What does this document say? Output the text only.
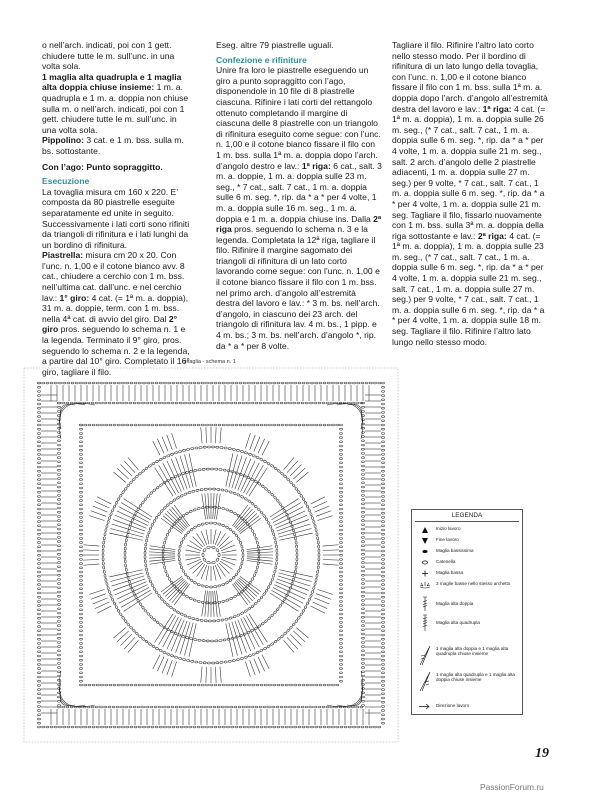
o nell’arch. indicati, poi con 1 gett. chiudere tutte le m. sull’unc. in una volta sola.

1 maglia alta quadrupla e 1 maglia alta doppia chiuse insieme: 1 m. a. quadrupla e 1 m. a. doppia non chiuse sulla m. o nell’arch. indicati, poi con 1 gett. chiudere tutte le m. sull’unc. in una volta sola.

Pippolino: 3 cat. e 1 m. bss. sulla m. bs. sottostante.

Con l’ago: Punto sopraggitto.

Esecuzione

La tovaglia misura cm 160 x 220. E’ composta da 80 piastrelle eseguite separatamente ed unite in seguito. Successivamente i lati corti sono rifiniti da triangoli di rifinitura e i lati lunghi da un bordino di rifinitura.

Piastrella: misura cm 20 x 20. Con l’unc. n. 1,00 e il cotone bianco avv. 8 cat., chiudere a cerchio con 1 m. bss. nell’ultima cat. dall’unc. e nel cerchio lav.: 1° giro: 4 cat. (= 1ª m. a. doppia), 31 m. a. doppie, term. con 1 m. bss. nella 4ª cat. di avvio del giro. Dal 2° giro pros. seguendo lo schema n. 1 e la legenda. Terminato il 9° giro, pros. seguendo lo schema n. 2 e la legenda, a partire dal 10° giro. Completato il 16° giro, tagliare il filo.

Eseg. altre 79 piastrelle uguali.

Confezione e rifiniture

Unire fra loro le piastrelle eseguendo un giro a punto sopraggitto con l’ago, disponendole in 10 file di 8 piastrelle ciascuna. Rifinire i lati corti del rettangolo ottenuto completando il margine di ciascuna delle 8 piastrelle con un triangolo di rifinitura eseguito come segue: con l’unc. n. 1,00 e il cotone bianco fissare il filo con 1 m. bss. sulla 1ª m. a. doppia dopo l’arch. d’angolo destro e lav.: 1ª riga: 6 cat., salt. 3 m. a. doppie, 1 m. a. doppia sulle 23 m. seg., * 7 cat., salt. 7 cat., 1 m. a. doppia sulle 6 m. seg. *, rip. da * a * per 4 volte, 1 m. a. doppia sulle 16 m. seg., 1 m. a. doppia e 1 m. a. doppia chiuse ins. Dalla 2ª riga pros. seguendo lo schema n. 3 e la legenda. Completata la 12ª riga, tagliare il filo. Rifinire il margine sagomato dei triangoli di rifinitura di un lato corto lavorando come segue: con l’unc. n. 1,00 e il cotone bianco fissare il filo con 1 m. bss. nel primo arch. d’angolo all’estremità destra del lavoro e lav.: * 3 m. bs. nell’arch. d’angolo, in ciascuno dei 23 arch. del triangolo di rifinitura lav. 4 m. bs., 1 pipp. e 4 m. bs.; 3 m. bs. nell’arch. d’angolo *, rip. da * a * per 8 volte.

Tagliare il filo. Rifinire l’altro lato corto nello stesso modo. Per il bordino di rifinitura di un lato lungo della tovaglia, con l’unc. n. 1,00 e il cotone bianco fissare il filo con 1 m. bss. sulla 1ª m. a. doppia dopo l’arch. d’angolo all’estremità destra del lavoro e lav.: 1ª riga: 4 cat. (= 1ª m. a. doppia), 1 m. a. doppia sulle 26 m. seg., (* 7 cat., salt. 7 cat., 1 m. a. doppia sulle 6 m. seg. *, rip. da * a * per 4 volte, 1 m. a. doppia sulle 21 m. seg., salt. 2 arch. d’angolo delle 2 piastrelle adiacenti, 1 m. a. doppia sulle 27 m. seg.) per 9 volte, * 7 cat., salt. 7 cat., 1 m. a. doppia sulle 6 m. seg. *, rip. da * a * per 4 volte, 1 m. a. doppia sulle 21 m. seg. Tagliare il filo, fissarlo nuovamente con 1 m. bss. sulla 3ª m. a. doppia della riga sottostante e lav.: 2ª riga: 4 cat. (= 1ª m. a. doppia), 1 m. a. doppia sulle 23 m. seg., (* 7 cat., salt. 7 cat., 1 m. a. doppia sulle 6 m. seg. *, rip. da * a * per 4 volte, 1 m. a. doppia sulle 21 m. seg., salt. 7 cat., 1 m. a. doppia sulle 27 m. seg.) per 9 volte, * 7 cat., salt. 7 cat., 1 m. a. doppia sulle 6 m. seg. *, rip. da * a * per 4 volte, 1 m. a. doppia sulle 18 m. seg. Tagliare il filo. Rifinire l’altro lato lungo nello stesso modo.

tovaglia - schema n. 1
LEGENDA
Inizio lavoro
Fine lavoro
Maglia bassissima
Catenella
Maglia bassa
3 maglie basse nello stesso archetto
Maglia alta doppia
Maglia alta quadrupla
1 maglia alta doppia e 1 maglia alta quadrupla chiuse insieme
1 maglia alta quadrupla e 1 maglia alta doppia chiuse insieme
Direzione lavoro
19
PassionForum.ru
